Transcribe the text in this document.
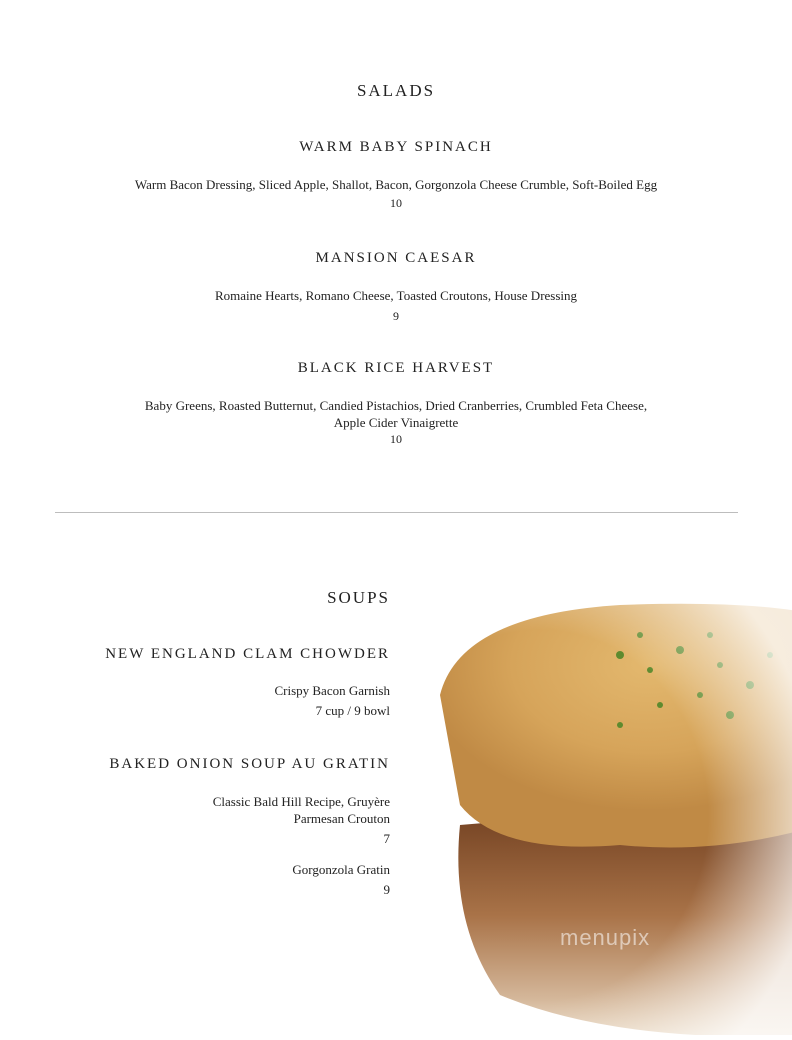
menupix
SALADS
WARM BABY SPINACH
Warm Bacon Dressing, Sliced Apple, Shallot, Bacon, Gorgonzola Cheese Crumble, Soft-Boiled Egg
10
MANSION CAESAR
Romaine Hearts, Romano Cheese, Toasted Croutons, House Dressing
9
BLACK RICE HARVEST
Baby Greens, Roasted Butternut, Candied Pistachios, Dried Cranberries, Crumbled Feta Cheese,
Apple Cider Vinaigrette
10
SOUPS
NEW ENGLAND CLAM CHOWDER
Crispy Bacon Garnish
7 cup / 9 bowl
BAKED ONION SOUP AU GRATIN
Classic Bald Hill Recipe, Gruyère
Parmesan Crouton
7
Gorgonzola Gratin
9
